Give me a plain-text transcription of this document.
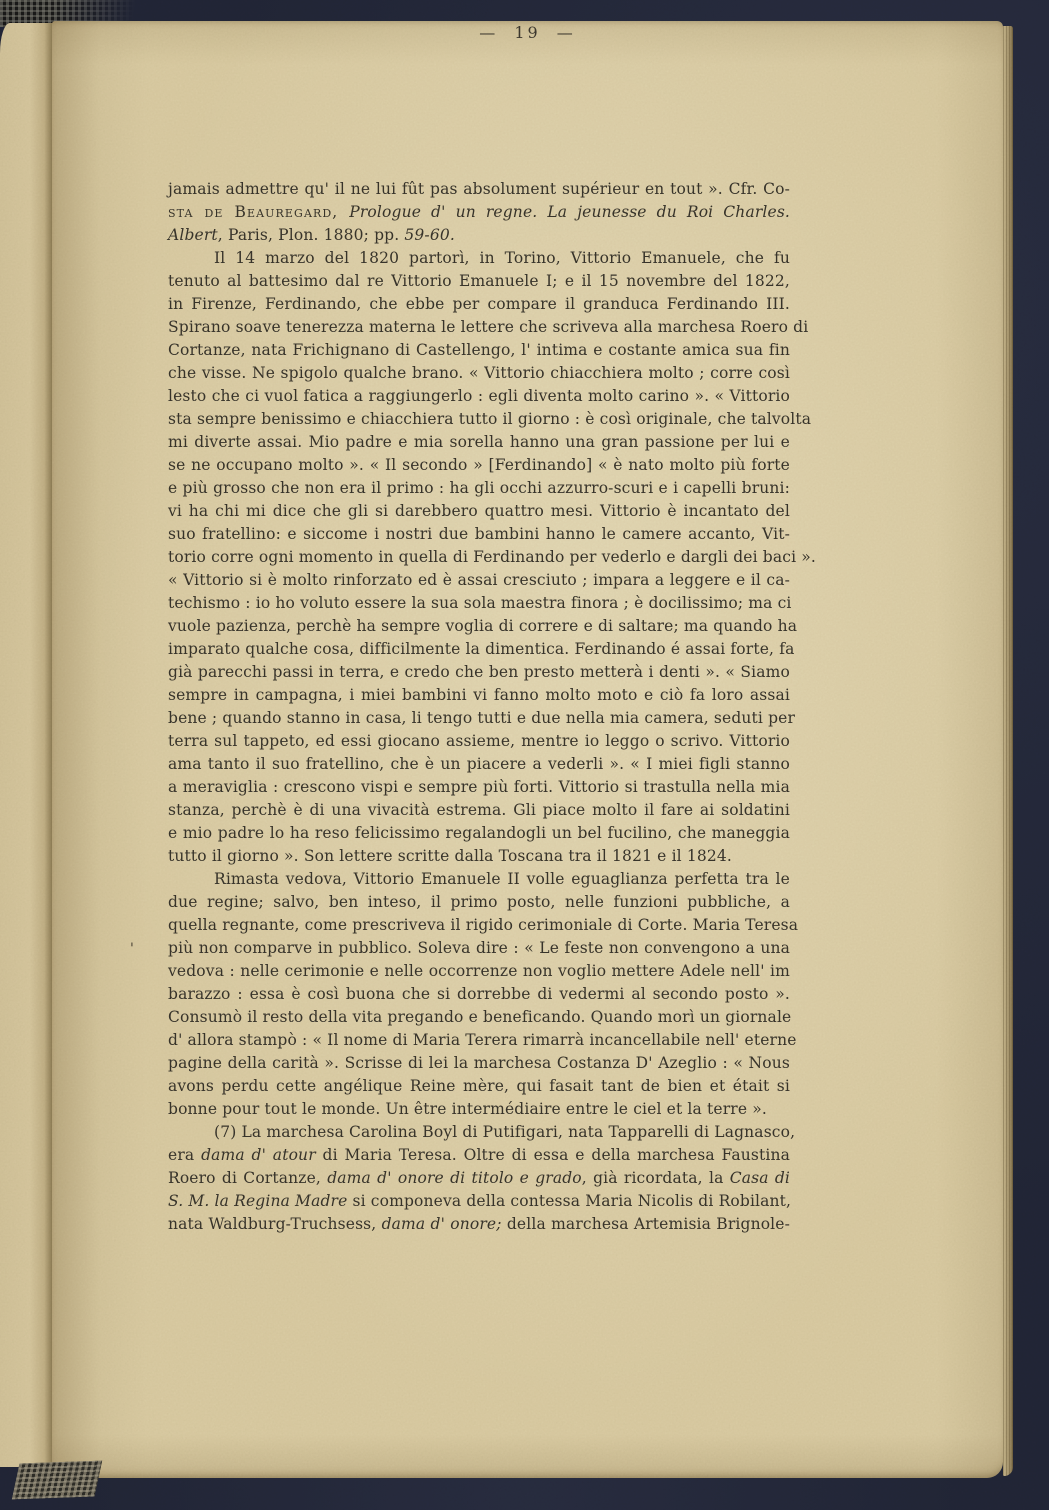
— 19 —
jamais admettre qu' il ne lui fût pas absolument supérieur en tout ». Cfr. Co-
sta de Beauregard, Prologue d' un regne. La jeunesse du Roi Charles.
Albert, Paris, Plon. 1880; pp. 59-60.
Il 14 marzo del 1820 partorì, in Torino, Vittorio Emanuele, che fu
tenuto al battesimo dal re Vittorio Emanuele I; e il 15 novembre del 1822,
in Firenze, Ferdinando, che ebbe per compare il granduca Ferdinando III.
Spirano soave tenerezza materna le lettere che scriveva alla marchesa Roero di
Cortanze, nata Frichignano di Castellengo, l' intima e costante amica sua fin
che visse. Ne spigolo qualche brano. « Vittorio chiacchiera molto ; corre così
lesto che ci vuol fatica a raggiungerlo : egli diventa molto carino ». « Vittorio
sta sempre benissimo e chiacchiera tutto il giorno : è così originale, che talvolta
mi diverte assai. Mio padre e mia sorella hanno una gran passione per lui e
se ne occupano molto ». « Il secondo » [Ferdinando] « è nato molto più forte
e più grosso che non era il primo : ha gli occhi azzurro-scuri e i capelli bruni:
vi ha chi mi dice che gli si darebbero quattro mesi. Vittorio è incantato del
suo fratellino: e siccome i nostri due bambini hanno le camere accanto, Vit-
torio corre ogni momento in quella di Ferdinando per vederlo e dargli dei baci ».
« Vittorio si è molto rinforzato ed è assai cresciuto ; impara a leggere e il ca-
techismo : io ho voluto essere la sua sola maestra finora ; è docilissimo; ma ci
vuole pazienza, perchè ha sempre voglia di correre e di saltare; ma quando ha
imparato qualche cosa, difficilmente la dimentica. Ferdinando é assai forte, fa
già parecchi passi in terra, e credo che ben presto metterà i denti ». « Siamo
sempre in campagna, i miei bambini vi fanno molto moto e ciò fa loro assai
bene ; quando stanno in casa, li tengo tutti e due nella mia camera, seduti per
terra sul tappeto, ed essi giocano assieme, mentre io leggo o scrivo. Vittorio
ama tanto il suo fratellino, che è un piacere a vederli ». « I miei figli stanno
a meraviglia : crescono vispi e sempre più forti. Vittorio si trastulla nella mia
stanza, perchè è di una vivacità estrema. Gli piace molto il fare ai soldatini
e mio padre lo ha reso felicissimo regalandogli un bel fucilino, che maneggia
tutto il giorno ». Son lettere scritte dalla Toscana tra il 1821 e il 1824.
Rimasta vedova, Vittorio Emanuele II volle eguaglianza perfetta tra le
due regine; salvo, ben inteso, il primo posto, nelle funzioni pubbliche, a
quella regnante, come prescriveva il rigido cerimoniale di Corte. Maria Teresa
più non comparve in pubblico. Soleva dire : « Le feste non convengono a una
vedova : nelle cerimonie e nelle occorrenze non voglio mettere Adele nell' im
barazzo : essa è così buona che si dorrebbe di vedermi al secondo posto ».
Consumò il resto della vita pregando e beneficando. Quando morì un giornale
d' allora stampò : « Il nome di Maria Terera rimarrà incancellabile nell' eterne
pagine della carità ». Scrisse di lei la marchesa Costanza D' Azeglio : « Nous
avons perdu cette angélique Reine mère, qui fasait tant de bien et était si
bonne pour tout le monde. Un être intermédiaire entre le ciel et la terre ».
(7) La marchesa Carolina Boyl di Putifigari, nata Tapparelli di Lagnasco,
era dama d' atour di Maria Teresa. Oltre di essa e della marchesa Faustina
Roero di Cortanze, dama d' onore di titolo e grado, già ricordata, la Casa di
S. M. la Regina Madre si componeva della contessa Maria Nicolis di Robilant,
nata Waldburg-Truchsess, dama d' onore; della marchesa Artemisia Brignole-
'
